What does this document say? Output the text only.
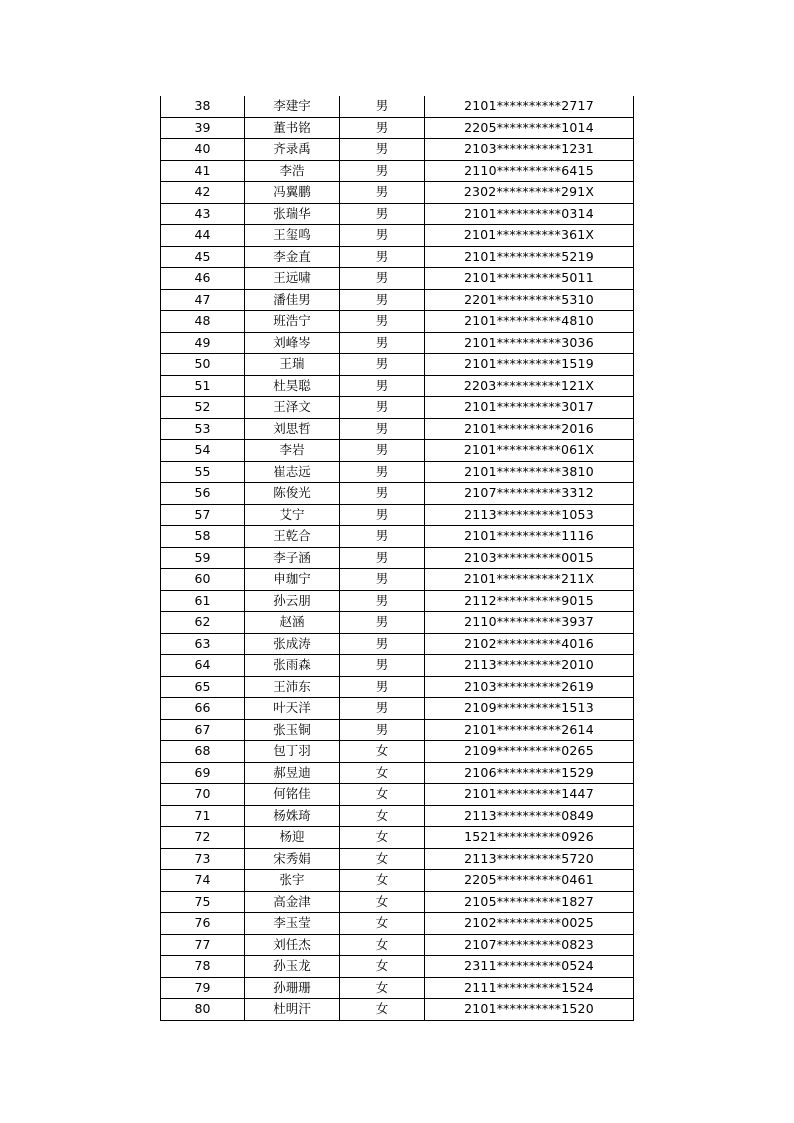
38	李建宇	男	2101**********2717
39	董书铭	男	2205**********1014
40	齐录禹	男	2103**********1231
41	李浩	男	2110**********6415
42	冯翼鹏	男	2302**********291X
43	张瑞华	男	2101**********0314
44	王玺鸣	男	2101**********361X
45	李金直	男	2101**********5219
46	王远啸	男	2101**********5011
47	潘佳男	男	2201**********5310
48	班浩宁	男	2101**********4810
49	刘峰岑	男	2101**********3036
50	王瑞	男	2101**********1519
51	杜昊聪	男	2203**********121X
52	王泽文	男	2101**********3017
53	刘思哲	男	2101**********2016
54	李岩	男	2101**********061X
55	崔志远	男	2101**********3810
56	陈俊光	男	2107**********3312
57	艾宁	男	2113**********1053
58	王乾合	男	2101**********1116
59	李子涵	男	2103**********0015
60	申珈宁	男	2101**********211X
61	孙云朋	男	2112**********9015
62	赵涵	男	2110**********3937
63	张成涛	男	2102**********4016
64	张雨森	男	2113**********2010
65	王沛东	男	2103**********2619
66	叶天洋	男	2109**********1513
67	张玉铜	男	2101**********2614
68	包丁羽	女	2109**********0265
69	郝昱迪	女	2106**********1529
70	何铭佳	女	2101**********1447
71	杨姝琦	女	2113**********0849
72	杨迎	女	1521**********0926
73	宋秀娟	女	2113**********5720
74	张宇	女	2205**********0461
75	高金津	女	2105**********1827
76	李玉莹	女	2102**********0025
77	刘任杰	女	2107**********0823
78	孙玉龙	女	2311**********0524
79	孙珊珊	女	2111**********1524
80	杜明汗	女	2101**********1520
